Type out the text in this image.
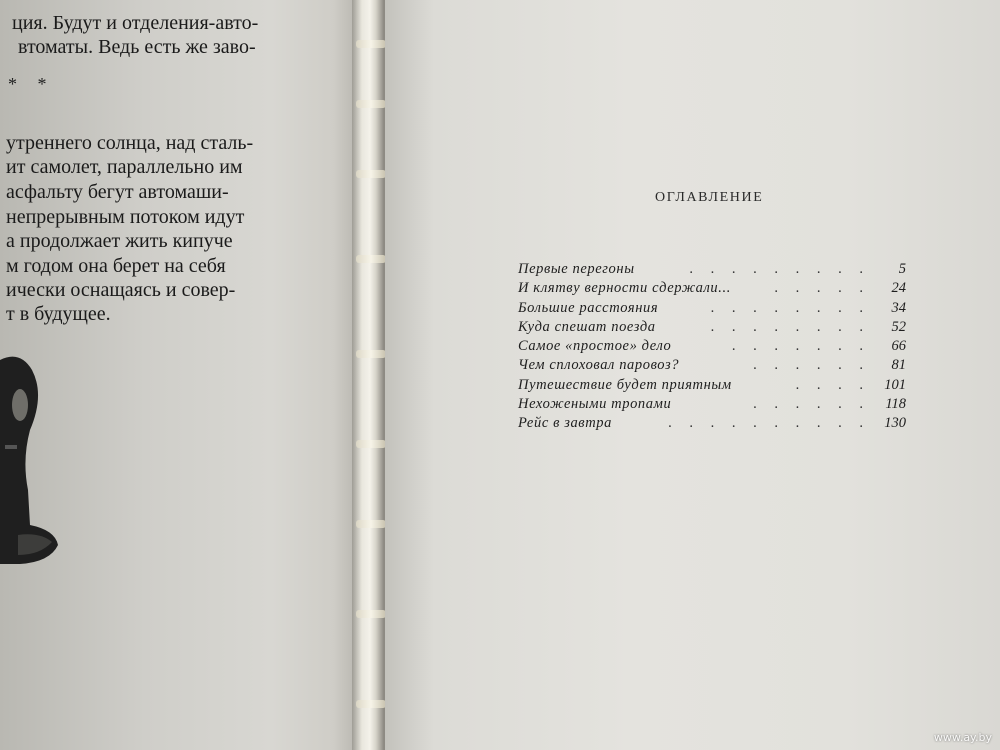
ция. Будут и отделения-авто-
втоматы. Ведь есть же заво-
* *
утреннего солнца, над сталь-
ит самолет, параллельно им
асфальту бегут автомаши-
непрерывным потоком идут
а продолжает жить кипуче
м годом она берет на себя
ически оснащаясь и совер-
т в будущее.
ОГЛАВЛЕНИЕ
Первые перегоны	. . . . . . . . . 5
И клятву верности сдержали...	. . . . . 24
Большие расстояния	. . . . . . . . 34
Куда спешат поезда	. . . . . . . . 52
Самое «простое» дело	. . . . . . . 66
Чем сплоховал паровоз?	. . . . . . 81
Путешествие будет приятным	. . . . 101
Нехожеными тропами	. . . . . . 118
Рейс в завтра	. . . . . . . . . . 130
www.ay.by
